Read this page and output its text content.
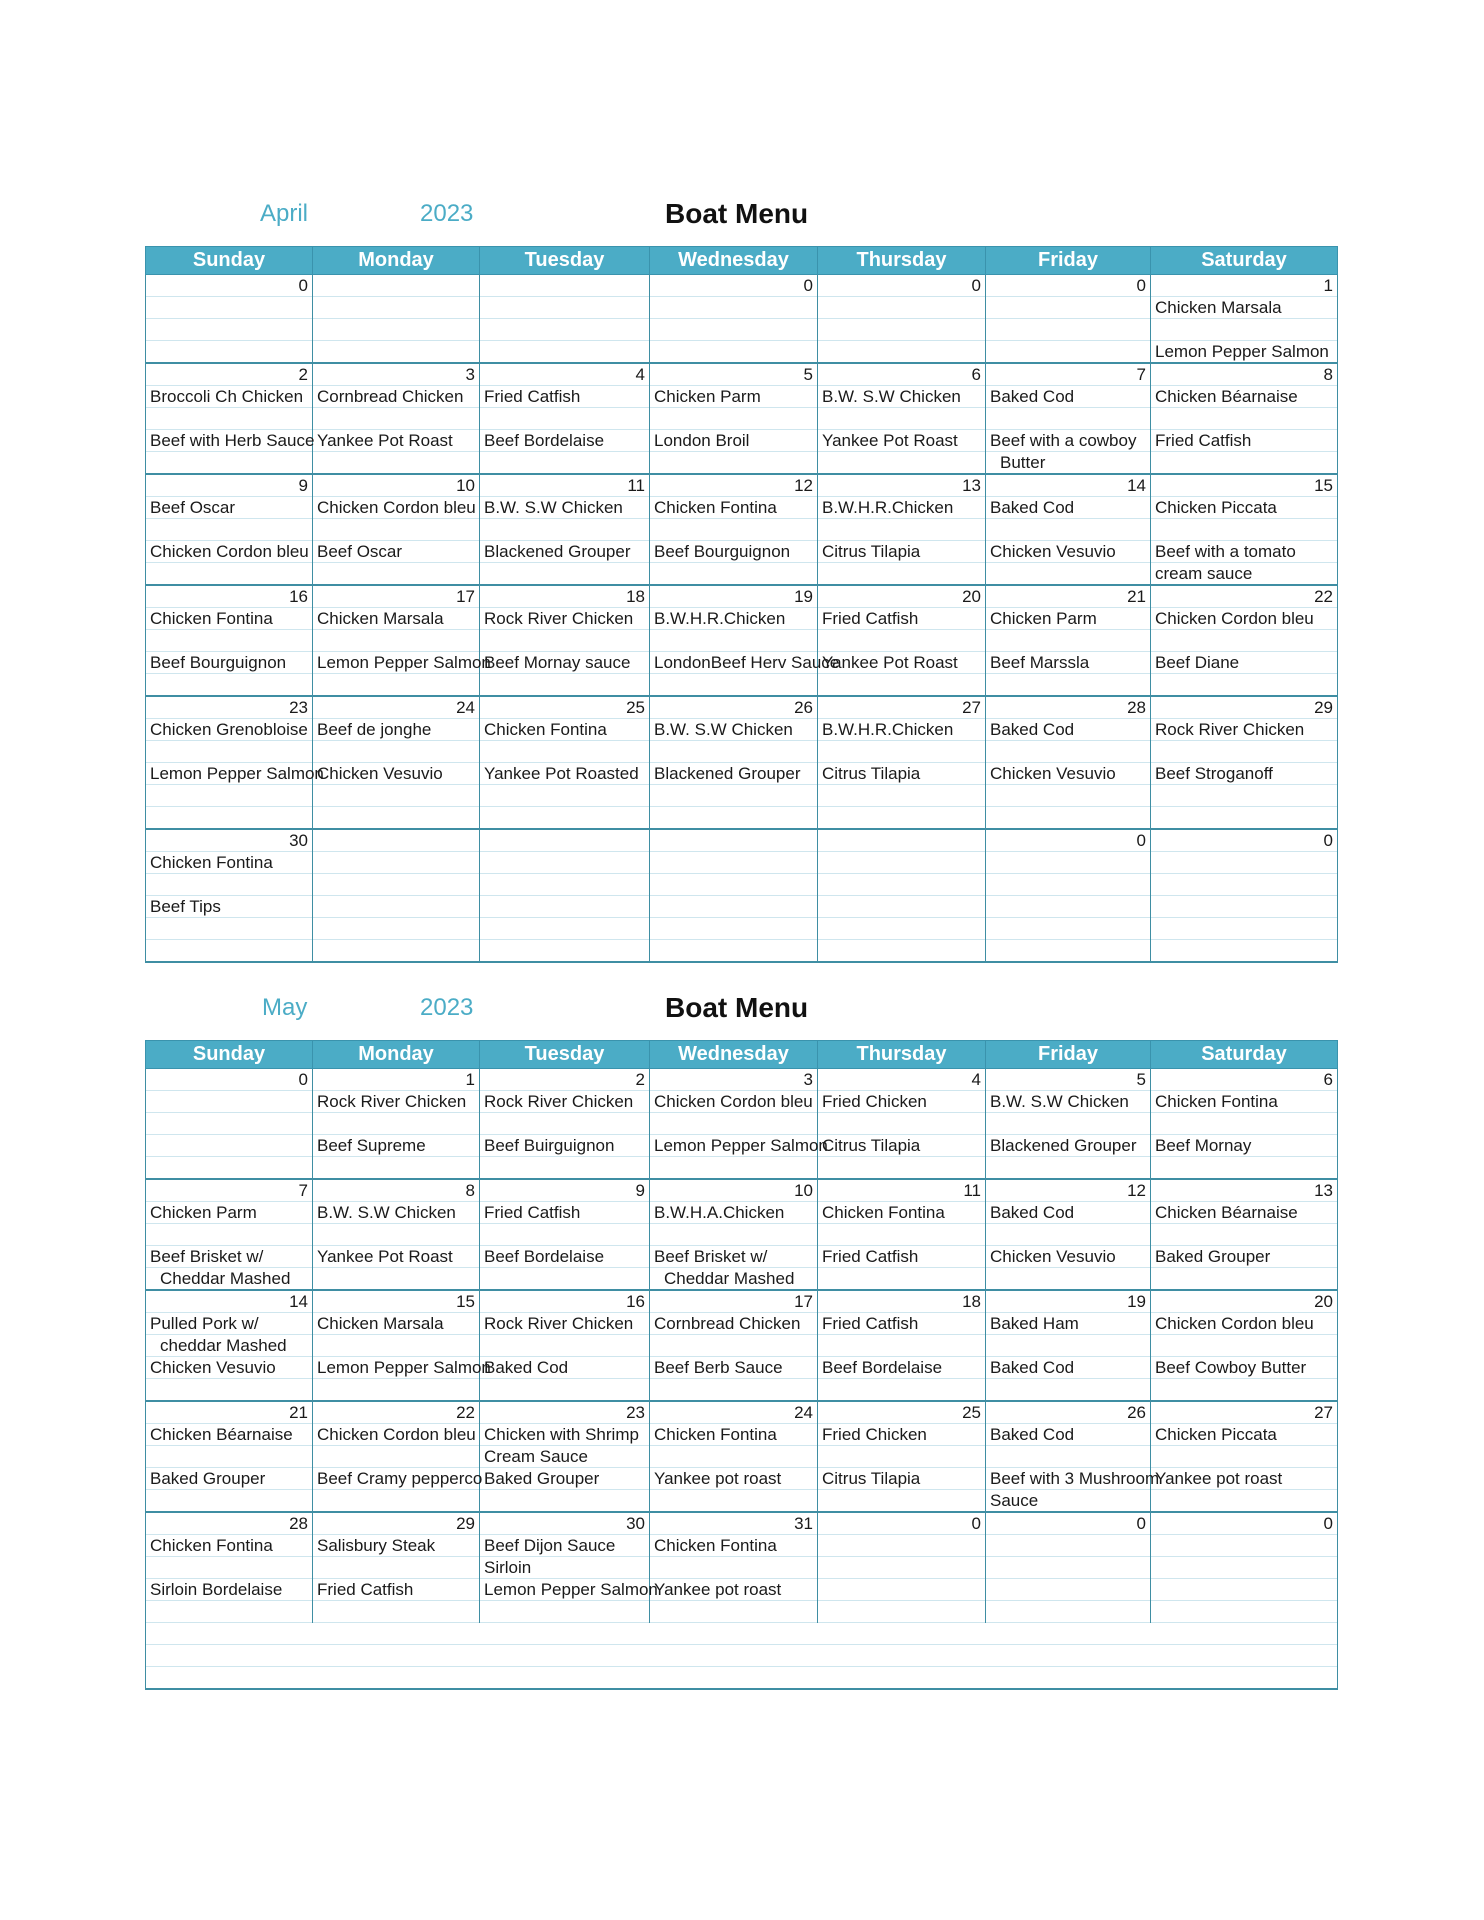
April	2023	Boat Menu
Sunday	Monday	Tuesday	Wednesday	Thursday	Friday	Saturday
0			0	0	0	1
						Chicken Marsala

						Lemon Pepper Salmon
2	3	4	5	6	7	8
Broccoli Ch Chicken	Cornbread Chicken	Fried Catfish	Chicken Parm	B.W. S.W Chicken	Baked Cod	Chicken Béarnaise

Beef with Herb Sauce	Yankee Pot Roast	Beef Bordelaise	London Broil	Yankee Pot Roast	Beef with a cowboy	Fried Catfish
					Butter	
9	10	11	12	13	14	15
Beef Oscar	Chicken Cordon bleu	B.W. S.W Chicken	Chicken Fontina	B.W.H.R.Chicken	Baked Cod	Chicken Piccata

Chicken Cordon bleu	Beef Oscar	Blackened Grouper	Beef Bourguignon	Citrus Tilapia	Chicken Vesuvio	Beef with a tomato
						cream sauce
16	17	18	19	20	21	22
Chicken Fontina	Chicken Marsala	Rock River Chicken	B.W.H.R.Chicken	Fried Catfish	Chicken Parm	Chicken Cordon bleu

Beef Bourguignon	Lemon Pepper Salmon	Beef Mornay sauce	LondonBeef Herv Sauce	Yankee Pot Roast	Beef Marssla	Beef Diane

23	24	25	26	27	28	29
Chicken Grenobloise	Beef de jonghe	Chicken Fontina	B.W. S.W Chicken	B.W.H.R.Chicken	Baked Cod	Rock River Chicken

Lemon Pepper Salmon	Chicken Vesuvio	Yankee Pot Roasted	Blackened Grouper	Citrus Tilapia	Chicken Vesuvio	Beef Stroganoff

30					0	0
Chicken Fontina						

Beef Tips						

May	2023	Boat Menu
Sunday	Monday	Tuesday	Wednesday	Thursday	Friday	Saturday
0	1	2	3	4	5	6
	Rock River Chicken	Rock River Chicken	Chicken Cordon bleu	Fried Chicken	B.W. S.W Chicken	Chicken Fontina

	Beef Supreme	Beef Buirguignon	Lemon Pepper Salmon	Citrus Tilapia	Blackened Grouper	Beef Mornay

7	8	9	10	11	12	13
Chicken Parm	B.W. S.W Chicken	Fried Catfish	B.W.H.A.Chicken	Chicken Fontina	Baked Cod	Chicken Béarnaise

Beef Brisket w/	Yankee Pot Roast	Beef Bordelaise	Beef Brisket w/	Fried Catfish	Chicken Vesuvio	Baked Grouper
Cheddar Mashed			Cheddar Mashed			
14	15	16	17	18	19	20
Pulled Pork w/	Chicken Marsala	Rock River Chicken	Cornbread Chicken	Fried Catfish	Baked Ham	Chicken Cordon bleu
cheddar Mashed						
Chicken Vesuvio	Lemon Pepper Salmon	Baked Cod	Beef Berb Sauce	Beef Bordelaise	Baked Cod	Beef Cowboy Butter

21	22	23	24	25	26	27
Chicken Béarnaise	Chicken Cordon bleu	Chicken with Shrimp	Chicken Fontina	Fried Chicken	Baked Cod	Chicken Piccata
		Cream Sauce				
Baked Grouper	Beef Cramy pepperco	Baked Grouper	Yankee pot roast	Citrus Tilapia	Beef with 3 Mushroom	Yankee pot roast
					Sauce	
28	29	30	31	0	0	0
Chicken Fontina	Salisbury Steak	Beef Dijon Sauce	Chicken Fontina			
		Sirloin				
Sirloin Bordelaise	Fried Catfish	Lemon Pepper Salmon	Yankee pot roast			
